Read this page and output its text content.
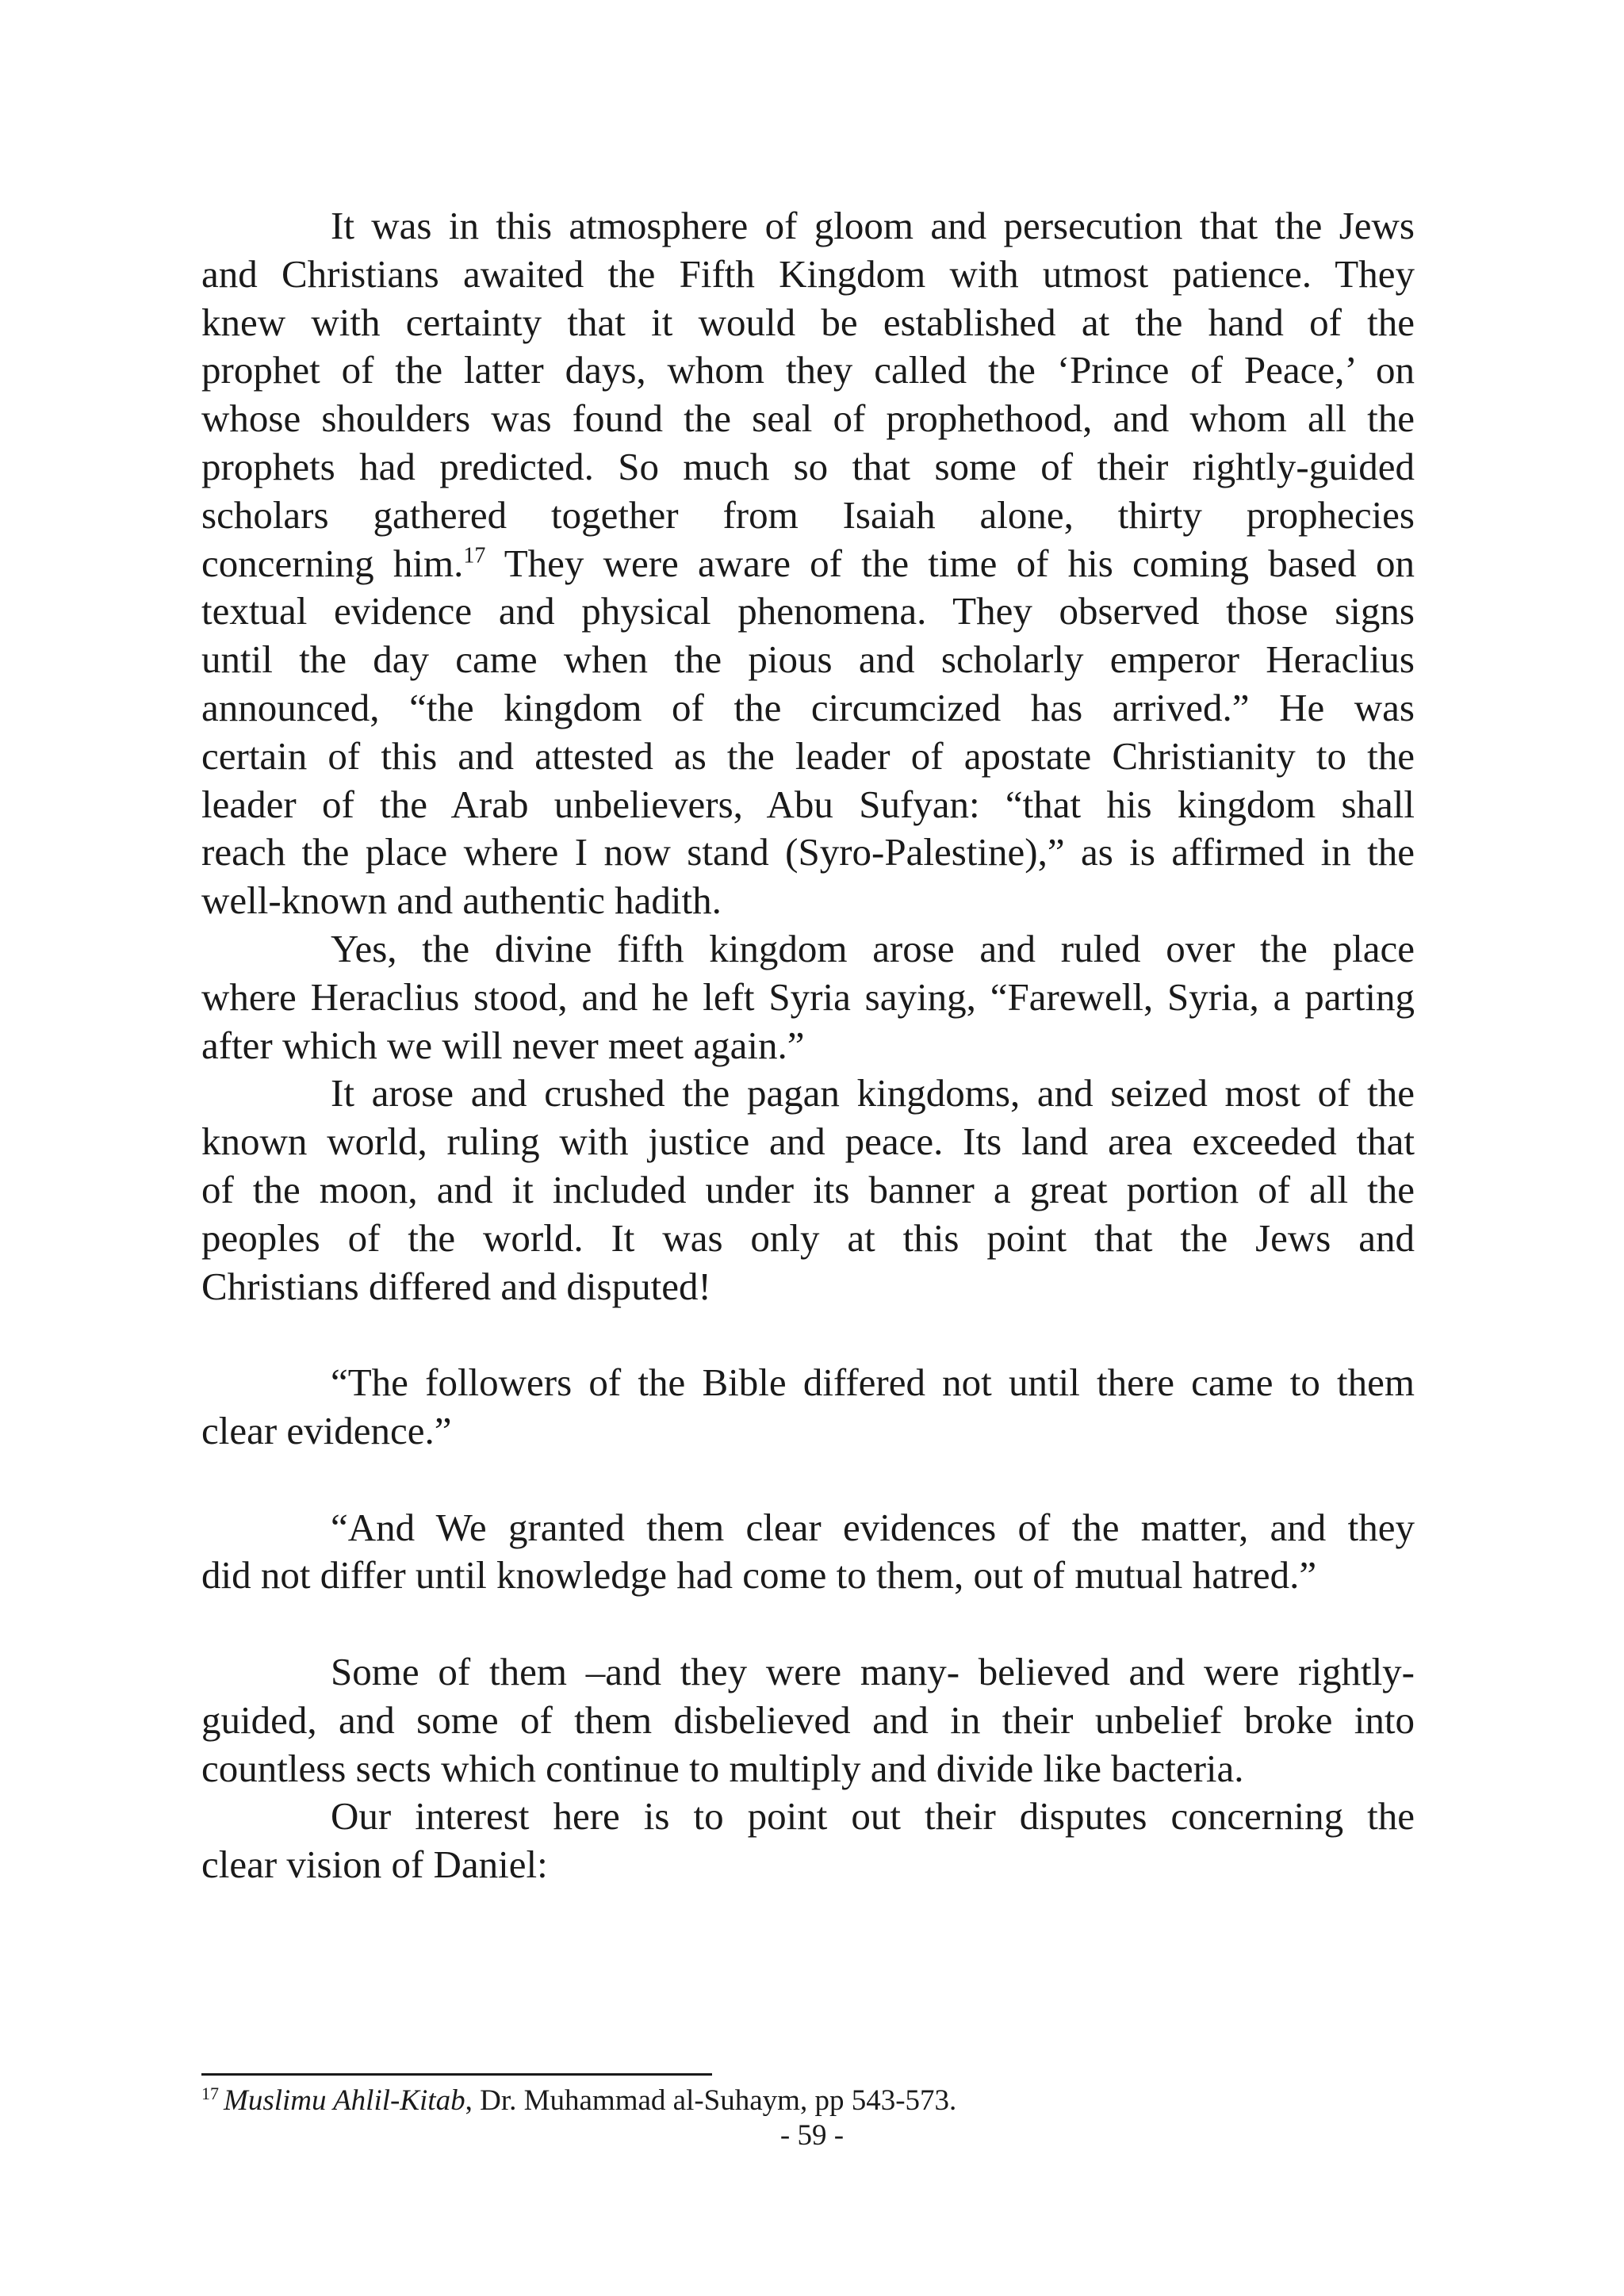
It was in this atmosphere of gloom and persecution that the Jews
and Christians awaited the Fifth Kingdom with utmost patience. They
knew with certainty that it would be established at the hand of the
prophet of the latter days, whom they called the ‘Prince of Peace,’ on
whose shoulders was found the seal of prophethood, and whom all the
prophets had predicted. So much so that some of their rightly-guided
scholars gathered together from Isaiah alone, thirty prophecies
concerning him.$^{17}$ They were aware of the time of his coming based on
textual evidence and physical phenomena. They observed those signs
until the day came when the pious and scholarly emperor Heraclius
announced, “the kingdom of the circumcized has arrived.” He was
certain of this and attested as the leader of apostate Christianity to the
leader of the Arab unbelievers, Abu Sufyan: “that his kingdom shall
reach the place where I now stand (Syro-Palestine),” as is affirmed in the
well-known and authentic hadith.
Yes, the divine fifth kingdom arose and ruled over the place
where Heraclius stood, and he left Syria saying, “Farewell, Syria, a parting
after which we will never meet again.”
It arose and crushed the pagan kingdoms, and seized most of the
known world, ruling with justice and peace. Its land area exceeded that
of the moon, and it included under its banner a great portion of all the
peoples of the world. It was only at this point that the Jews and
Christians differed and disputed!
“The followers of the Bible differed not until there came to them
clear evidence.”
“And We granted them clear evidences of the matter, and they
did not differ until knowledge had come to them, out of mutual hatred.”
Some of them –and they were many- believed and were rightly-
guided, and some of them disbelieved and in their unbelief broke into
countless sects which continue to multiply and divide like bacteria.
Our interest here is to point out their disputes concerning the
clear vision of Daniel:
$^{17}$ Muslimu Ahlil-Kitab, Dr. Muhammad al-Suhaym, pp 543-573.
- 59 -
